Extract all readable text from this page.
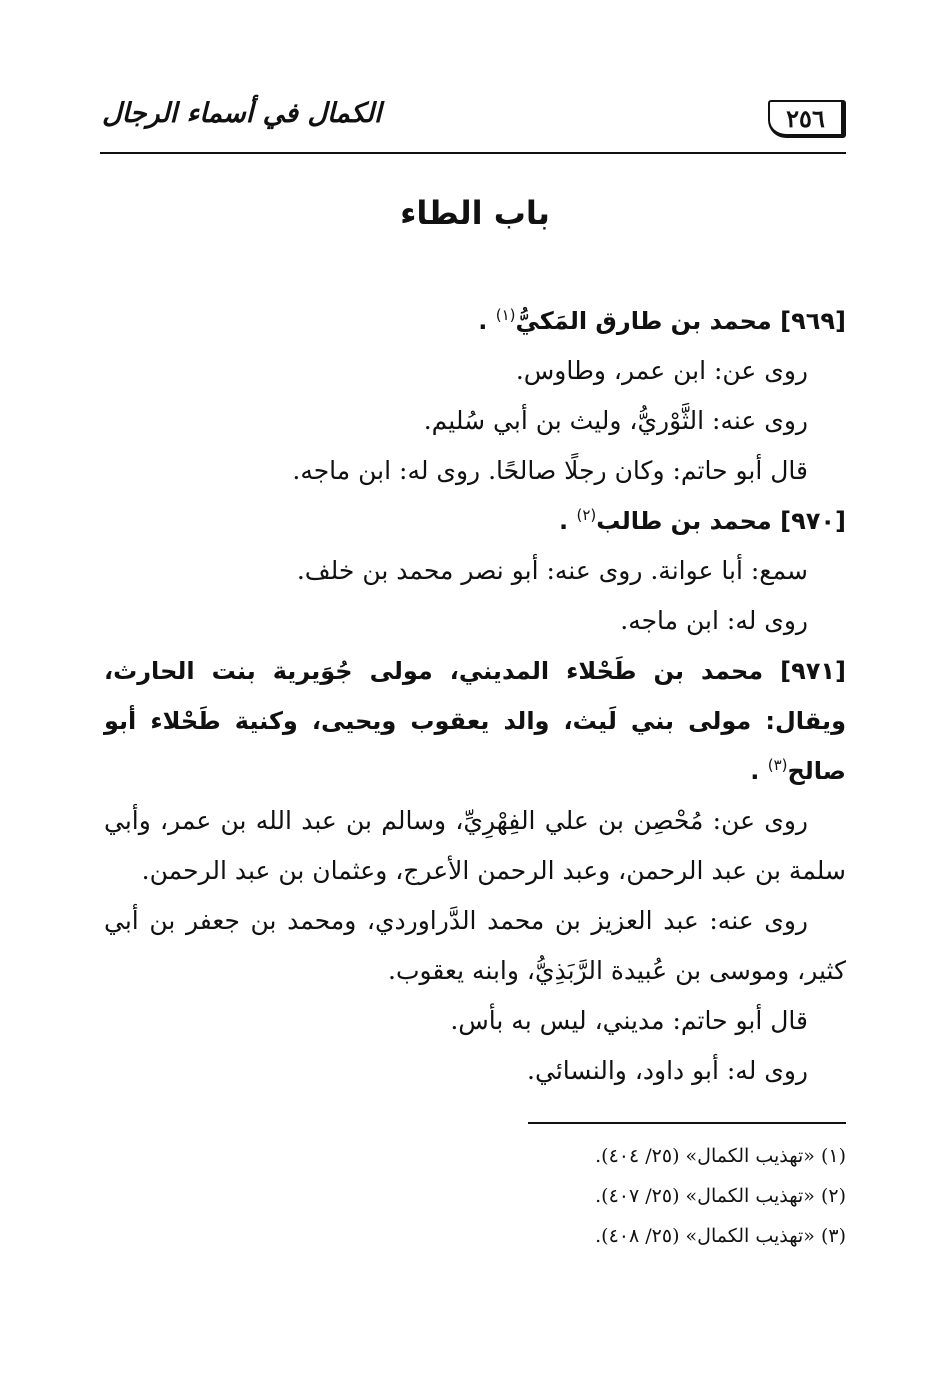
٢٥٦
الكمال في أسماء الرجال
باب الطاء

[٩٦٩] محمد بن طارق المَكيُّ$^{(١)}$ .

روى عن: ابن عمر، وطاوس.

روى عنه: الثَّوْريُّ، وليث بن أبي سُليم.

قال أبو حاتم: وكان رجلًا صالحًا. روى له: ابن ماجه.

[٩٧٠] محمد بن طالب$^{(٢)}$ .

سمع: أبا عوانة. روى عنه: أبو نصر محمد بن خلف.

روى له: ابن ماجه.

[٩٧١] محمد بن طَحْلاء المديني، مولى جُوَيرية بنت الحارث، ويقال: مولى بني لَيث، والد يعقوب ويحيى، وكنية طَحْلاء أبو صالح$^{(٣)}$ .

روى عن: مُحْصِن بن علي الفِهْرِيِّ، وسالم بن عبد الله بن عمر، وأبي سلمة بن عبد الرحمن، وعبد الرحمن الأعرج، وعثمان بن عبد الرحمن.

روى عنه: عبد العزيز بن محمد الدَّراوردي، ومحمد بن جعفر بن أبي كثير، وموسى بن عُبيدة الرَّبَذِيُّ، وابنه يعقوب.

قال أبو حاتم: مديني، ليس به بأس.

روى له: أبو داود، والنسائي.

(١) «تهذيب الكمال» (٢٥/ ٤٠٤).

(٢) «تهذيب الكمال» (٢٥/ ٤٠٧).

(٣) «تهذيب الكمال» (٢٥/ ٤٠٨).
